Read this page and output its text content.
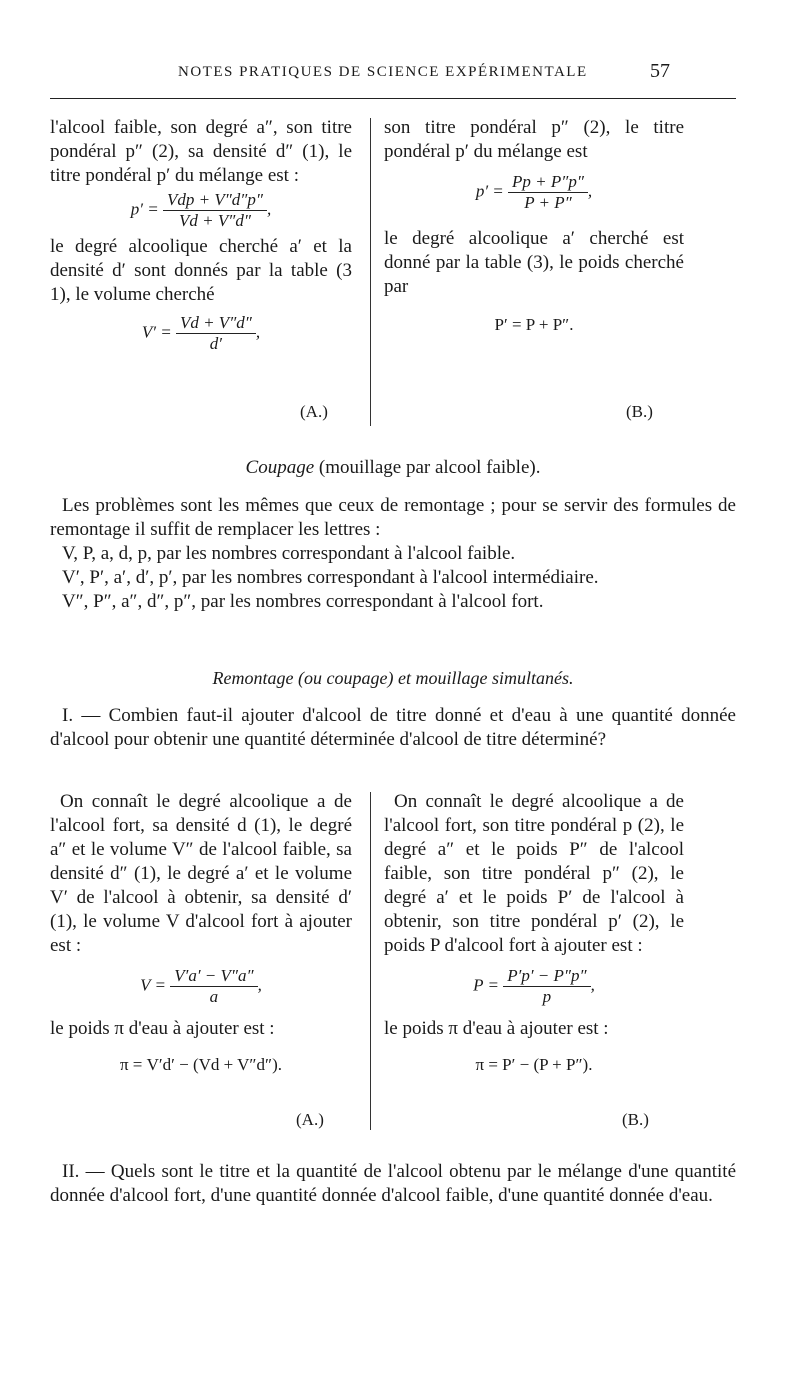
NOTES PRATIQUES DE SCIENCE EXPÉRIMENTALE	57

l'alcool faible, son degré a″, son titre pondéral p″ (2), sa densité d″ (1), le titre pondéral p′ du mélange est :

$p' = \frac{\text{Vdp + V″d″p″}}{Vd + V''d''}$ ,

le degré alcoolique cherché a′ et la densité d′ sont donnés par la table (3 1), le volume cherché

$V' = \frac{Vd + V''d''}{d'}$ ,
(A.)

son titre pondéral p″ (2), le titre pondéral p′ du mélange est

$p' = \frac{Pp + P''p''}{P + P''}$ ,

le degré alcoolique a′ cherché est donné par la table (3), le poids cherché par

P′ = P + P″.
(B.)
Coupage (mouillage par alcool faible).

Les problèmes sont les mêmes que ceux de remontage ; pour se servir des formules de remontage il suffit de remplacer les lettres :

V, P, a, d, p, par les nombres correspondant à l'alcool faible.

V′, P′, a′, d′, p′, par les nombres correspondant à l'alcool intermédiaire.

V″, P″, a″, d″, p″, par les nombres correspondant à l'alcool fort.

Remontage (ou coupage) et mouillage simultanés.
I. — Combien faut-il ajouter d'alcool de titre donné et d'eau à une quantité donnée d'alcool pour obtenir une quantité déterminée d'alcool de titre déterminé?

On connaît le degré alcoolique a de l'alcool fort, sa densité d (1), le degré a″ et le volume V″ de l'alcool faible, sa densité d″ (1), le degré a′ et le volume V′ de l'alcool à obtenir, sa densité d′ (1), le volume V d'alcool fort à ajouter est :

$V = \frac{V'a' - V''a''}{a}$ ,

le poids π d'eau à ajouter est :

π = V′d′ − (Vd + V″d″).
(A.)

On connaît le degré alcoolique a de l'alcool fort, son titre pondéral p (2), le degré a″ et le poids P″ de l'alcool faible, son titre pondéral p″ (2), le degré a′ et le poids P′ de l'alcool à obtenir, son titre pondéral p′ (2), le poids P d'alcool fort à ajouter est :

$P = \frac{P'p' - P''p''}{p}$ ,

le poids π d'eau à ajouter est :

π = P′ − (P + P″).
(B.)
II. — Quels sont le titre et la quantité de l'alcool obtenu par le mélange d'une quantité donnée d'alcool fort, d'une quantité donnée d'alcool faible, d'une quantité donnée d'eau.
